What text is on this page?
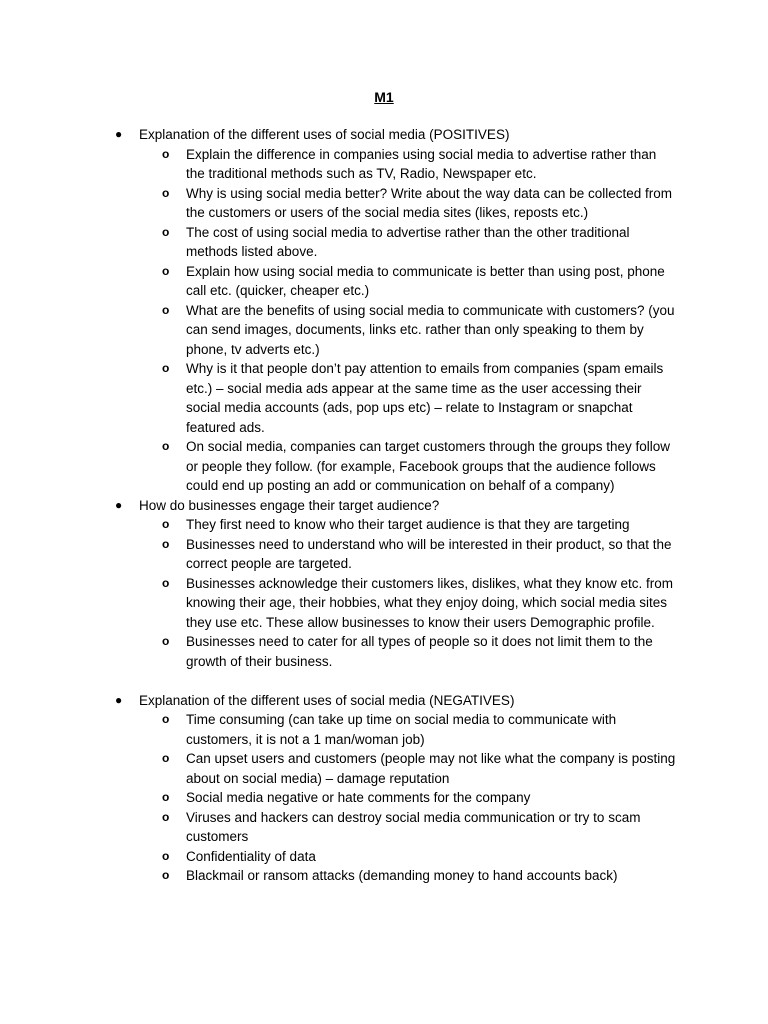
M1
● Explanation of the different uses of social media (POSITIVES)
o Explain the difference in companies using social media to advertise rather than the traditional methods such as TV, Radio, Newspaper etc.
o Why is using social media better? Write about the way data can be collected from the customers or users of the social media sites (likes, reposts etc.)
o The cost of using social media to advertise rather than the other traditional methods listed above.
o Explain how using social media to communicate is better than using post, phone call etc. (quicker, cheaper etc.)
o What are the benefits of using social media to communicate with customers? (you can send images, documents, links etc. rather than only speaking to them by phone, tv adverts etc.)
o Why is it that people don’t pay attention to emails from companies (spam emails etc.) – social media ads appear at the same time as the user accessing their social media accounts (ads, pop ups etc) – relate to Instagram or snapchat featured ads.
o On social media, companies can target customers through the groups they follow or people they follow. (for example, Facebook groups that the audience follows could end up posting an add or communication on behalf of a company)
● How do businesses engage their target audience?
o They first need to know who their target audience is that they are targeting
o Businesses need to understand who will be interested in their product, so that the correct people are targeted.
o Businesses acknowledge their customers likes, dislikes, what they know etc. from knowing their age, their hobbies, what they enjoy doing, which social media sites they use etc. These allow businesses to know their users Demographic profile.
o Businesses need to cater for all types of people so it does not limit them to the growth of their business.
● Explanation of the different uses of social media (NEGATIVES)
o Time consuming (can take up time on social media to communicate with customers, it is not a 1 man/woman job)
o Can upset users and customers (people may not like what the company is posting about on social media) – damage reputation
o Social media negative or hate comments for the company
o Viruses and hackers can destroy social media communication or try to scam customers
o Confidentiality of data
o Blackmail or ransom attacks (demanding money to hand accounts back)
